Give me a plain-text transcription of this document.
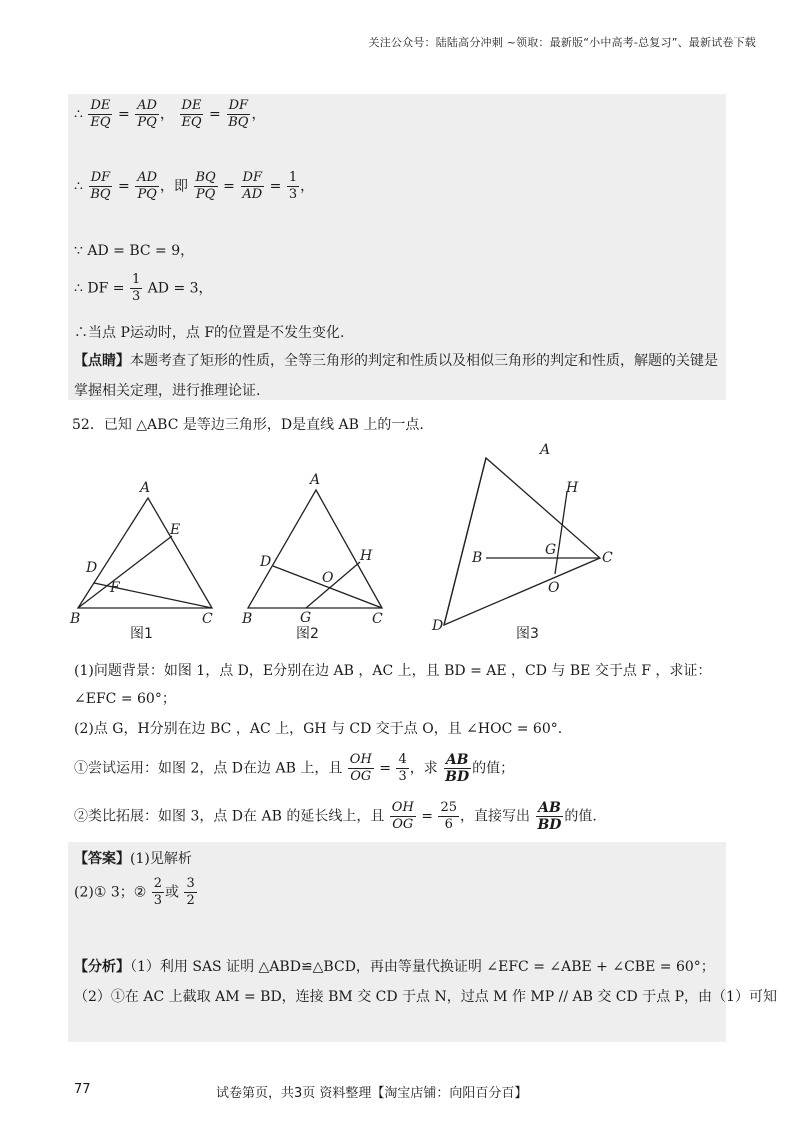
关注公众号：陆陆高分冲刺 ~领取：最新版“小中高考-总复习”、最新试卷下载
∴ $\frac{DE}{EQ} = \frac{AD}{PQ}$ ， $\frac{DE}{EQ} = \frac{DF}{BQ}$ ，
∴ $\frac{DF}{BQ} = \frac{AD}{PQ}$ ，即 $\frac{BQ}{PQ} = \frac{DF}{AD} = \frac{1}{3}$ ，
∵ AD = BC = 9，
∴ DF = $\frac{1}{3}$ AD = 3，
∴当点 P运动时，点 F的位置是不发生变化.
【点睛】本题考查了矩形的性质，全等三角形的判定和性质以及相似三角形的判定和性质，解题的关键是
掌握相关定理，进行推理论证.
52．已知 △ABC 是等边三角形，D是直线 AB 上的一点.
A
B	C
D
E
F
图1
A
B	C
D
G
H
O
图2
A
B	C
D
G
H
O
图3
(1)问题背景：如图 1，点 D，E分别在边 AB ，AC 上，且 BD = AE ，CD 与 BE 交于点 F ，求证：
∠EFC = 60°；
(2)点 G，H分别在边 BC ，AC 上，GH 与 CD 交于点 O，且 ∠HOC = 60°.
①尝试运用：如图 2，点 D在边 AB 上，且 $\frac{OH}{OG} = \frac{4}{3}$ ，求 $\frac{AB}{BD}$ 的值；
②类比拓展：如图 3，点 D在 AB 的延长线上，且 $\frac{OH}{OG} = \frac{25}{6}$ ，直接写出 $\frac{AB}{BD}$ 的值.
【答案】(1)见解析
(2)① 3；② $\frac{2}{3}$ 或 $\frac{3}{2}$
【分析】（1）利用 SAS 证明 △ABD≌△BCD，再由等量代换证明 ∠EFC = ∠ABE + ∠CBE = 60°；
（2）①在 AC 上截取 AM = BD，连接 BM 交 CD 于点 N，过点 M 作 MP // AB 交 CD 于点 P，由（1）可知
77	试卷第页，共3页 资料整理【淘宝店铺：向阳百分百】
